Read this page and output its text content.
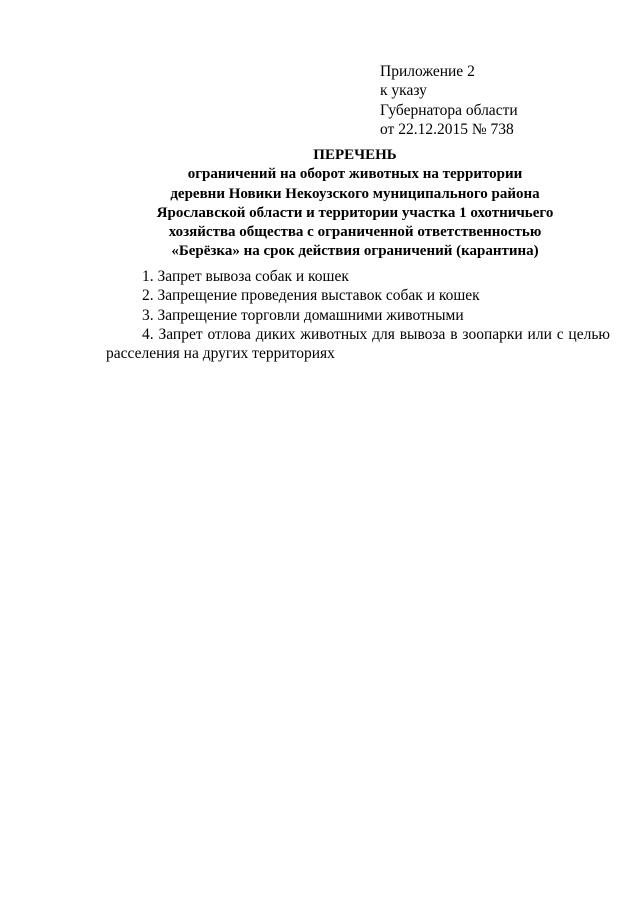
Приложение 2
к указу
Губернатора области
от 22.12.2015 № 738
ПЕРЕЧЕНЬ
ограничений на оборот животных на территории
деревни Новики Некоузского муниципального района
Ярославской области и территории участка 1 охотничьего
хозяйства общества с ограниченной ответственностью
«Берёзка» на срок действия ограничений (карантина)
1. Запрет вывоза собак и кошек
2. Запрещение проведения выставок собак и кошек
3. Запрещение торговли домашними животными
4. Запрет отлова диких животных для вывоза в зоопарки или с целью расселения на других территориях
